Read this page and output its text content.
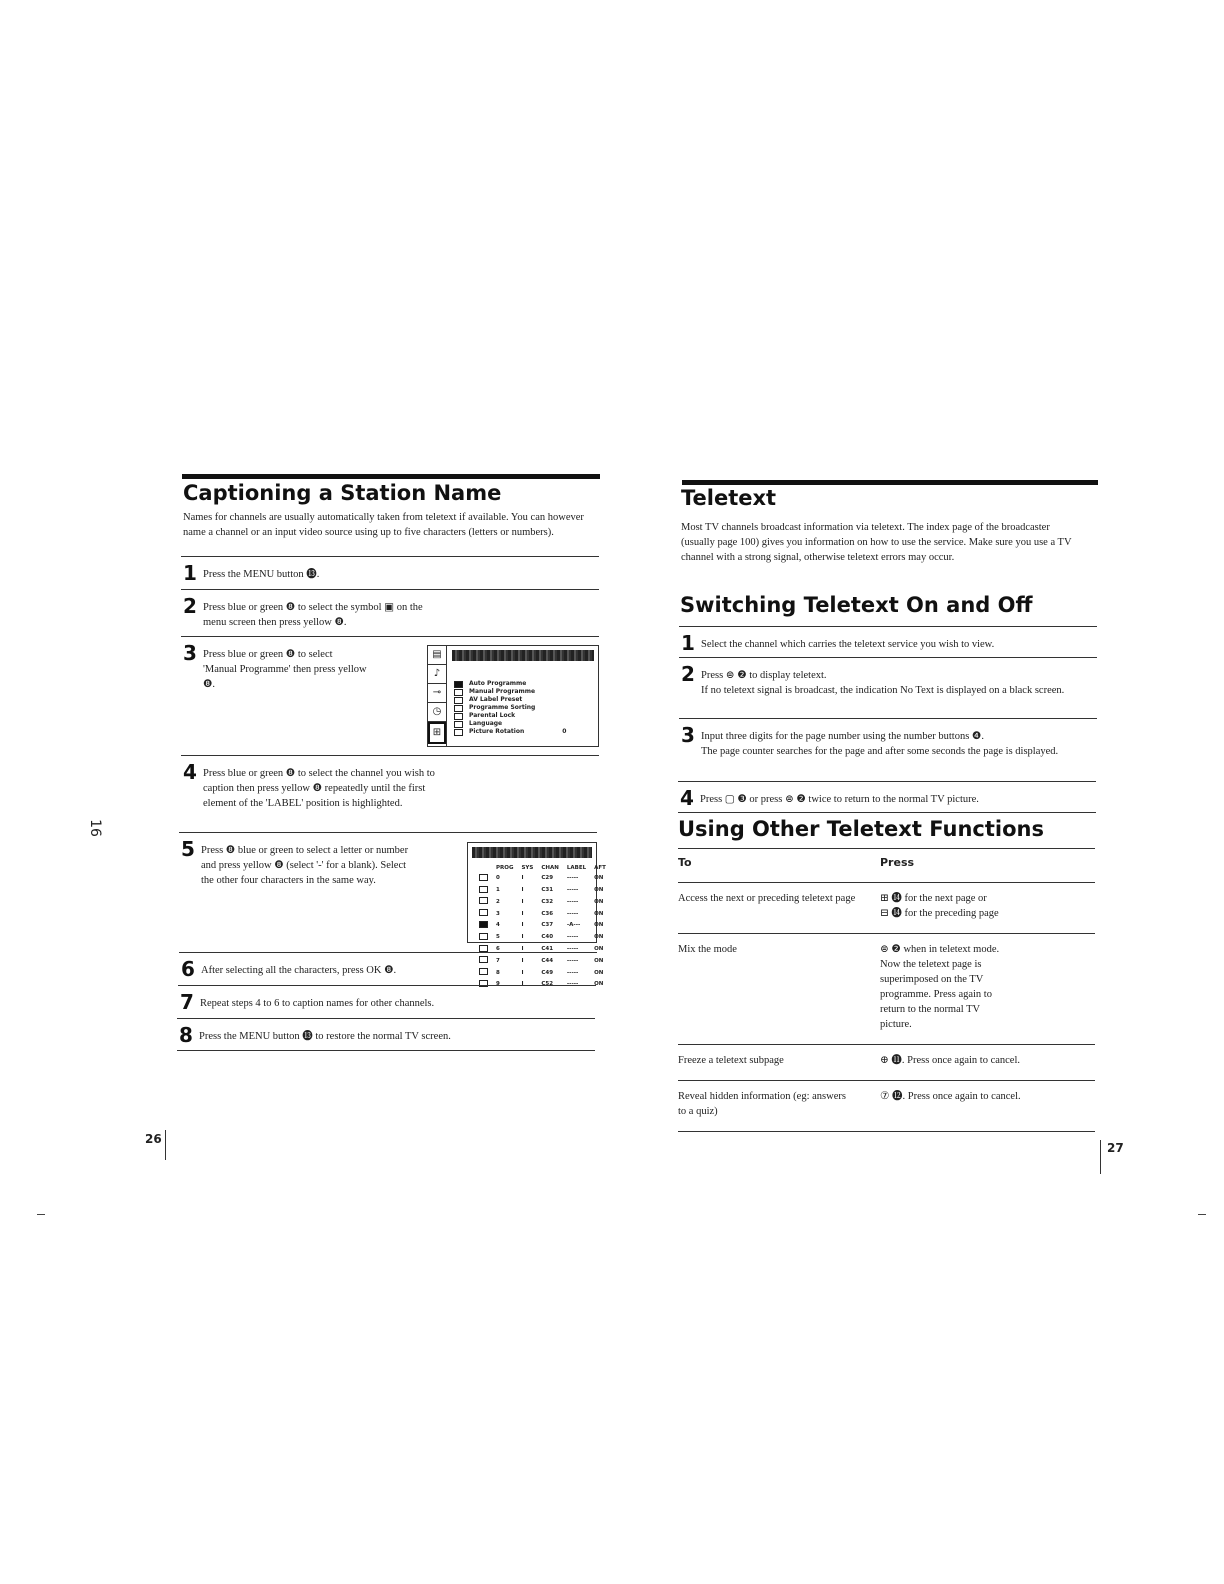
Captioning a Station Name
Names for channels are usually automatically taken from teletext if available. You can however name a channel or an input video source using up to five characters (letters or numbers).
1 Press the MENU button ⓭.
2 Press blue or green ❽ to select the symbol ▣ on the menu screen then press yellow ❽.
3 Press blue or green ❽ to select 'Manual Programme' then press yellow ❽.
▤
♪
⊸
◷
⊞
Auto Programme
Manual Programme
AV Label Preset
Programme Sorting
Parental Lock
Language
Picture Rotation	0
4 Press blue or green ❽ to select the channel you wish to caption then press yellow ❽ repeatedly until the first element of the 'LABEL' position is highlighted.
5 Press ❽ blue or green to select a letter or number and press yellow ❽ (select '-' for a blank). Select the other four characters in the same way.
	PROG	SYS	CHAN	LABEL	AFT
	0	I	C29	-----	ON
	1	I	C31	-----	ON
	2	I	C32	-----	ON
	3	I	C36	-----	ON
	4	I	C37	-A---	ON
	5	I	C40	-----	ON
	6	I	C41	-----	ON
	7	I	C44	-----	ON
	8	I	C49	-----	ON
	9	I	C52	-----	ON
6 After selecting all the characters, press OK ❽.
7 Repeat steps 4 to 6 to caption names for other channels.
8 Press the MENU button ⓭ to restore the normal TV screen.
16
26
Teletext
Most TV channels broadcast information via teletext. The index page of the broadcaster (usually page 100) gives you information on how to use the service. Make sure you use a TV channel with a strong signal, otherwise teletext errors may occur.
Switching Teletext On and Off
1 Select the channel which carries the teletext service you wish to view.
2 Press ⊜ ❷ to display teletext.
If no teletext signal is broadcast, the indication No Text is displayed on a black screen.
3 Input three digits for the page number using the number buttons ❹.
The page counter searches for the page and after some seconds the page is displayed.
4 Press ▢ ❸ or press ⊜ ❷ twice to return to the normal TV picture.
Using Other Teletext Functions
To	Press
Access the next or preceding teletext page	⊞ ⓮ for the next page or
⊟ ⓮ for the preceding page
Mix the mode	⊜ ❷ when in teletext mode.
Now the teletext page is superimposed on the TV programme. Press again to return to the normal TV picture.
Freeze a teletext subpage	⊕ ⓫. Press once again to cancel.
Reveal hidden information (eg: answers to a quiz)	⑦ ⓬. Press once again to cancel.
27
